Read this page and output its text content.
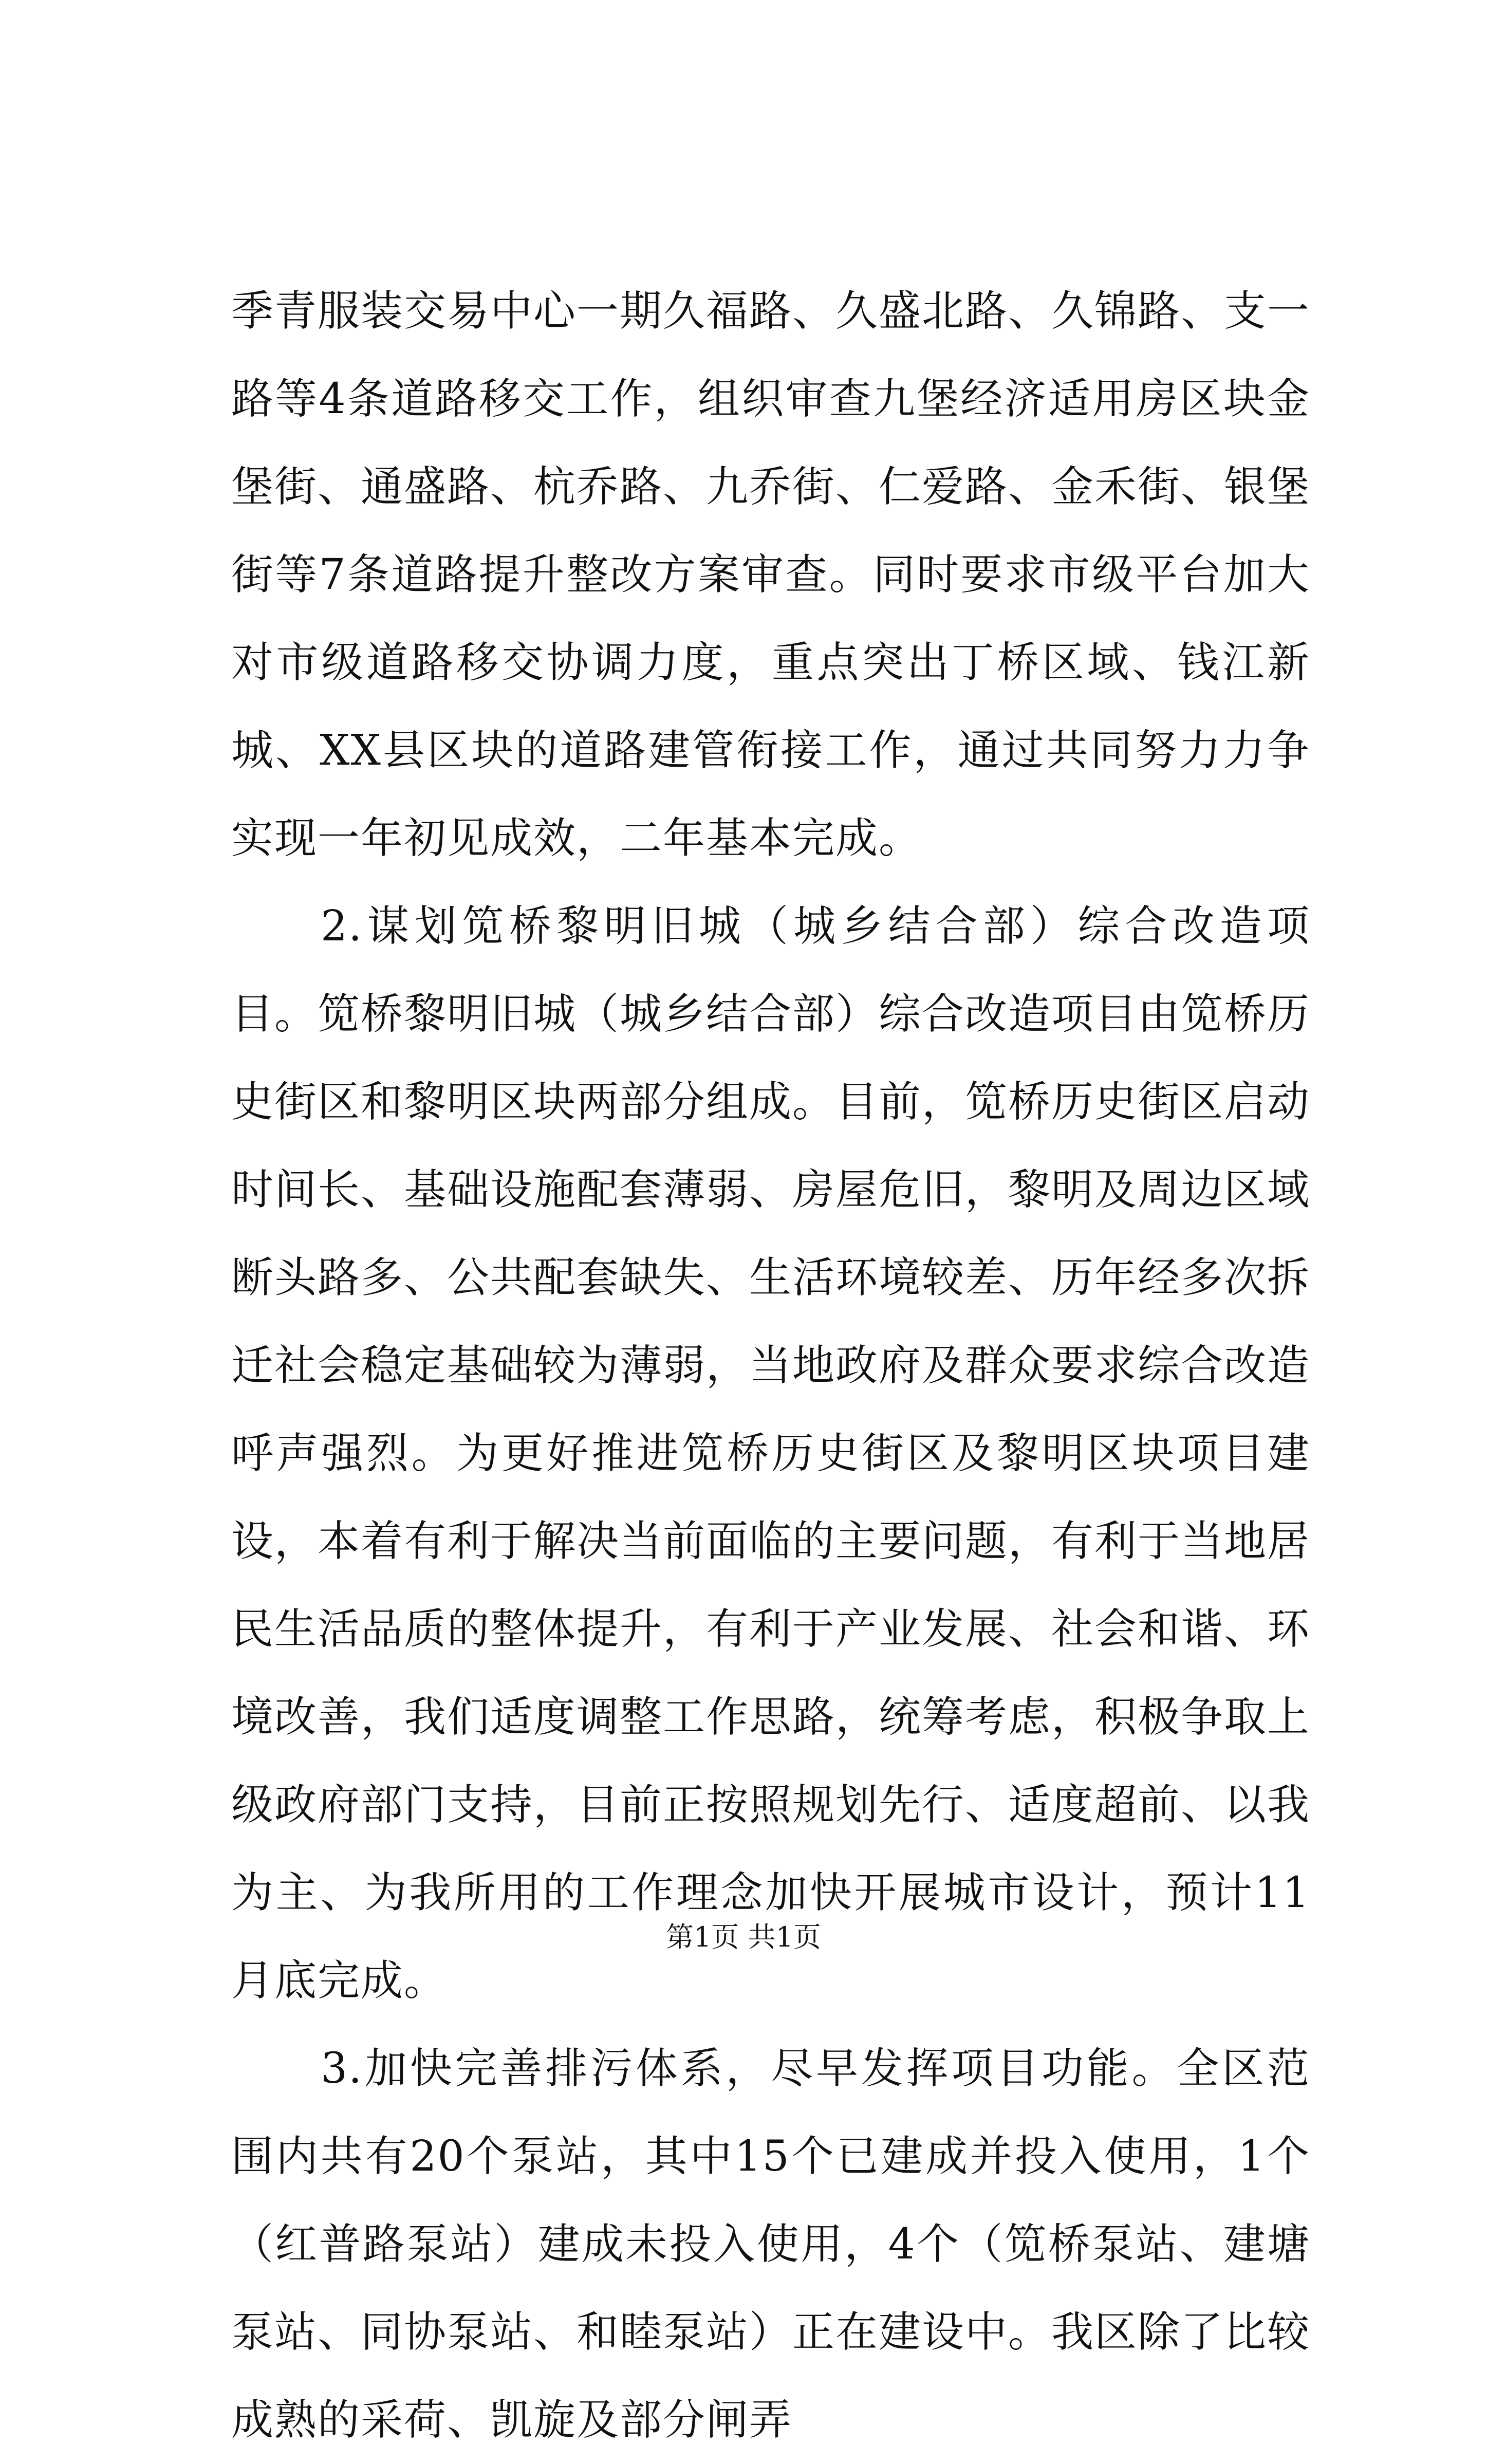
季青服装交易中心一期久福路、久盛北路、久锦路、支一路等4条道路移交工作，组织审查九堡经济适用房区块金堡街、通盛路、杭乔路、九乔街、仁爱路、金禾街、银堡街等7条道路提升整改方案审查。同时要求市级平台加大对市级道路移交协调力度，重点突出丁桥区域、钱江新城、XX县区块的道路建管衔接工作，通过共同努力力争实现一年初见成效，二年基本完成。

2.谋划笕桥黎明旧城（城乡结合部）综合改造项目。笕桥黎明旧城（城乡结合部）综合改造项目由笕桥历史街区和黎明区块两部分组成。目前，笕桥历史街区启动时间长、基础设施配套薄弱、房屋危旧，黎明及周边区域断头路多、公共配套缺失、生活环境较差、历年经多次拆迁社会稳定基础较为薄弱，当地政府及群众要求综合改造呼声强烈。为更好推进笕桥历史街区及黎明区块项目建设，本着有利于解决当前面临的主要问题，有利于当地居民生活品质的整体提升，有利于产业发展、社会和谐、环境改善，我们适度调整工作思路，统筹考虑，积极争取上级政府部门支持，目前正按照规划先行、适度超前、以我为主、为我所用的工作理念加快开展城市设计，预计11月底完成。

3.加快完善排污体系，尽早发挥项目功能。全区范围内共有20个泵站，其中15个已建成并投入使用，1个（红普路泵站）建成未投入使用，4个（笕桥泵站、建塘泵站、同协泵站、和睦泵站）正在建设中。我区除了比较成熟的采荷、凯旋及部分闸弄

第1页 共1页
